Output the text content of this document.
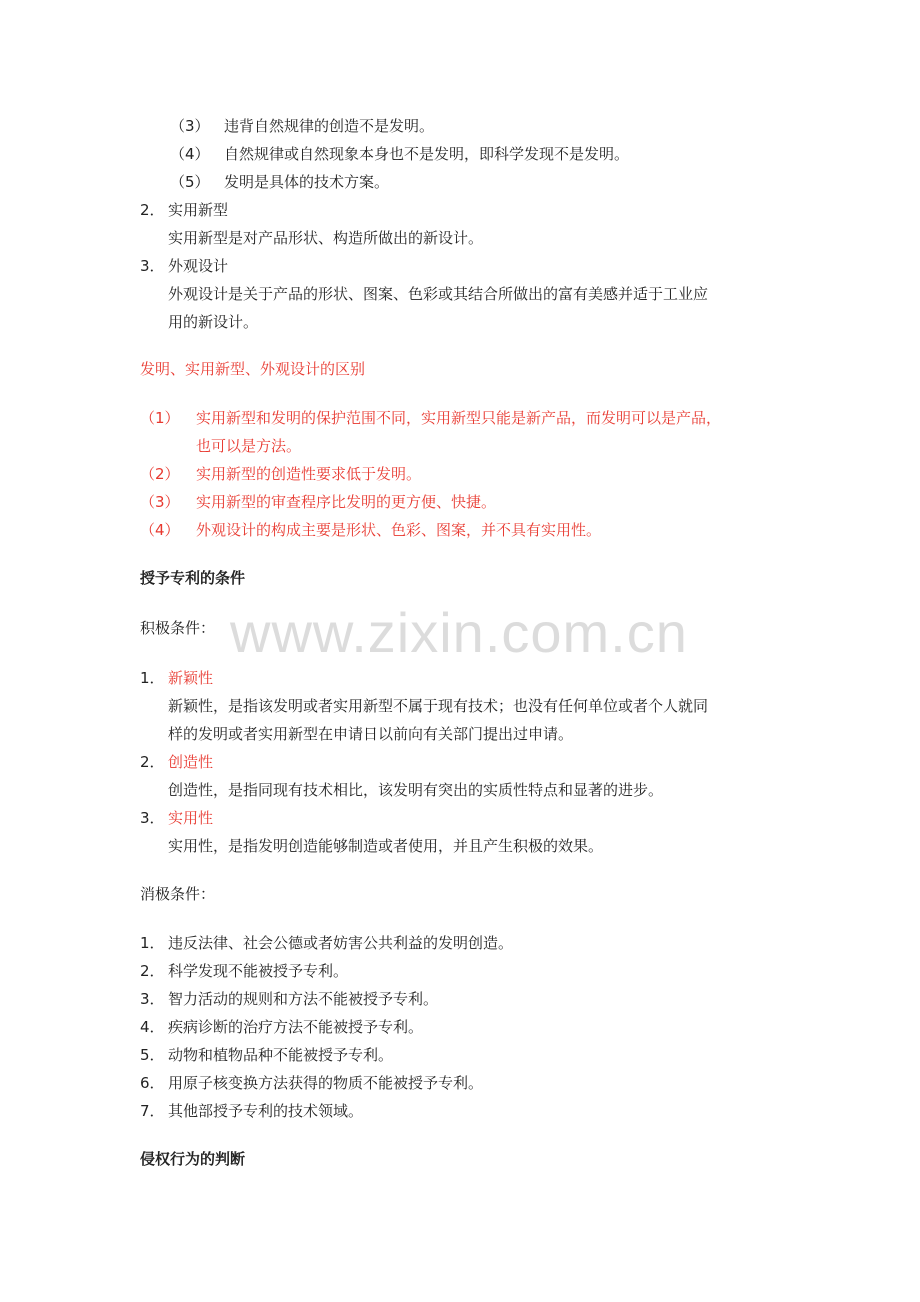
www.zixin.com.cn
（3） 违背自然规律的创造不是发明。
（4） 自然规律或自然现象本身也不是发明，即科学发现不是发明。
（5） 发明是具体的技术方案。
2． 实用新型
实用新型是对产品形状、构造所做出的新设计。
3． 外观设计
外观设计是关于产品的形状、图案、色彩或其结合所做出的富有美感并适于工业应
用的新设计。
发明、实用新型、外观设计的区别
（1） 实用新型和发明的保护范围不同，实用新型只能是新产品，而发明可以是产品，
也可以是方法。
（2） 实用新型的创造性要求低于发明。
（3） 实用新型的审查程序比发明的更方便、快捷。
（4） 外观设计的构成主要是形状、色彩、图案，并不具有实用性。
授予专利的条件
积极条件：
1． 新颖性
新颖性，是指该发明或者实用新型不属于现有技术；也没有任何单位或者个人就同
样的发明或者实用新型在申请日以前向有关部门提出过申请。
2． 创造性
创造性，是指同现有技术相比，该发明有突出的实质性特点和显著的进步。
3． 实用性
实用性，是指发明创造能够制造或者使用，并且产生积极的效果。
消极条件：
1． 违反法律、社会公德或者妨害公共利益的发明创造。
2． 科学发现不能被授予专利。
3． 智力活动的规则和方法不能被授予专利。
4． 疾病诊断的治疗方法不能被授予专利。
5． 动物和植物品种不能被授予专利。
6． 用原子核变换方法获得的物质不能被授予专利。
7． 其他部授予专利的技术领域。
侵权行为的判断
